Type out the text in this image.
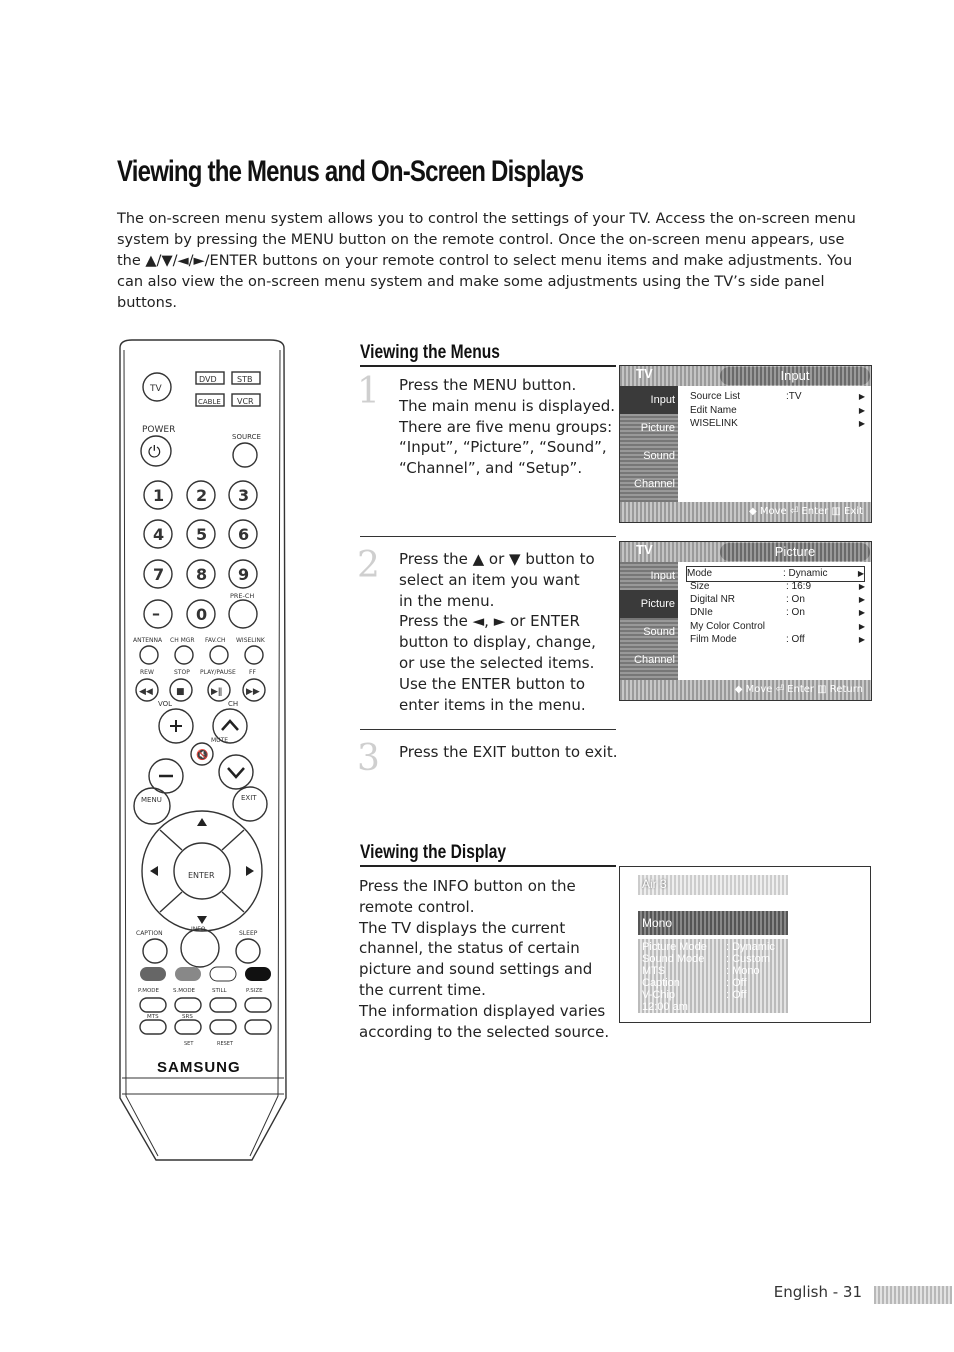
Viewing the Menus and On-Screen Displays
The on-screen menu system allows you to control the settings of your TV. Access the on-screen menu system by pressing the MENU button on the remote control. Once the on-screen menu appears, use the ▲/▼/◄/►/ENTER buttons on your remote control to select menu items and make adjustments. You can also view the on-screen menu system and make some adjustments using the TV’s side panel buttons.
TV
DVD	STB
CABLE VCR
POWER
SOURCE
⏻
1 2 3
4 5 6
7 8 9
– 0
PRE-CH
ANTENNA CH MGR FAV.CH WISELINK
REW	STOP PLAY/PAUSE FF
◀◀	■	▶ǁ	▶▶
VOL	CH
MUTE
🔇
MENU	EXIT
ENTER
CAPTION
INFO
SLEEP
P.MODE	S.MODE	STILL	P.SIZE
MTS	SRS
SET	RESET
SAMSUNG
Viewing the Menus
1 Press the MENU button.
The main menu is displayed.
There are five menu groups:
“Input”, “Picture”, “Sound”,
“Channel”, and “Setup”.
2 Press the ▲ or ▼ button to
select an item you want
in the menu.
Press the ◄, ► or ENTER
button to display, change,
or use the selected items.
Use the ENTER button to
enter items in the menu.
3 Press the EXIT button to exit.
TV	Input
Input
Picture
Sound
Channel
Source List	:TV	▶
Edit Name	▶
WISELINK	▶
◆ Move ⏎ Enter ▥ Exit
TV	Picture
Input
Picture
Sound
Channel
Mode	: Dynamic	▶
Size	: 16:9	▶
Digital NR	: On	▶
DNIe	: On	▶
My Color Control	▶
Film Mode	: Off	▶
◆ Move ⏎ Enter ▥ Return
Viewing the Display
Press the INFO button on the
remote control.
The TV displays the current
channel, the status of certain
picture and sound settings and
the current time.
The information displayed varies
according to the selected source.
Air 3
Mono
Picture Mode : Dynamic
Sound Mode : Custom
MTS	: Mono
Caption	: Off
V-Chip	: Off
12:00 am
English - 31
